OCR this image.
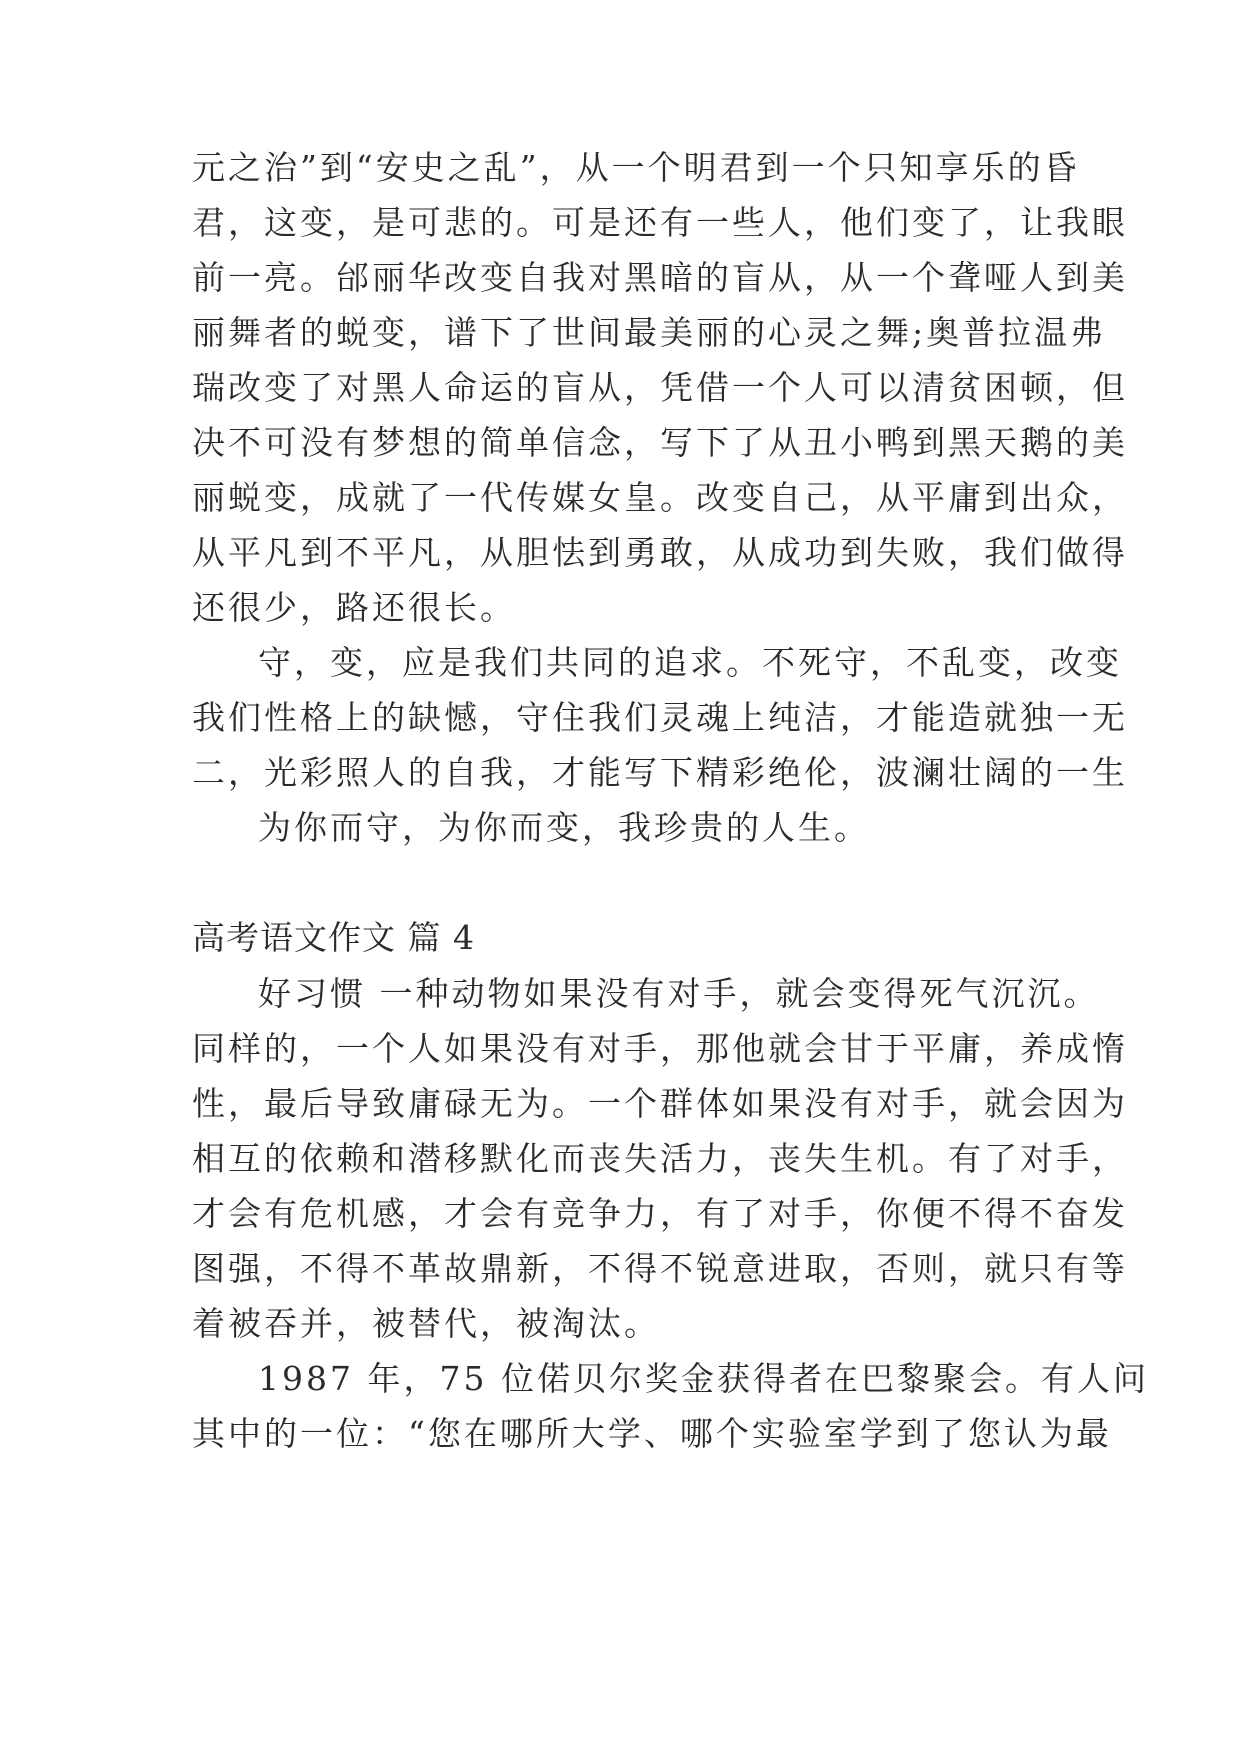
元之治”到“安史之乱”，从一个明君到一个只知享乐的昏
君，这变，是可悲的。可是还有一些人，他们变了，让我眼
前一亮。邰丽华改变自我对黑暗的盲从，从一个聋哑人到美
丽舞者的蜕变，谱下了世间最美丽的心灵之舞;奥普拉温弗
瑞改变了对黑人命运的盲从，凭借一个人可以清贫困顿，但
决不可没有梦想的简单信念，写下了从丑小鸭到黑天鹅的美
丽蜕变，成就了一代传媒女皇。改变自己，从平庸到出众，
从平凡到不平凡，从胆怯到勇敢，从成功到失败，我们做得
还很少，路还很长。
守，变，应是我们共同的追求。不死守，不乱变，改变
我们性格上的缺憾，守住我们灵魂上纯洁，才能造就独一无
二，光彩照人的自我，才能写下精彩绝伦，波澜壮阔的一生
为你而守，为你而变，我珍贵的人生。
高考语文作文 篇 4
好习惯 一种动物如果没有对手，就会变得死气沉沉。
同样的，一个人如果没有对手，那他就会甘于平庸，养成惰
性，最后导致庸碌无为。一个群体如果没有对手，就会因为
相互的依赖和潜移默化而丧失活力，丧失生机。有了对手，
才会有危机感，才会有竞争力，有了对手，你便不得不奋发
图强，不得不革故鼎新，不得不锐意进取，否则，就只有等
着被吞并，被替代，被淘汰。
1987 年，75 位偌贝尔奖金获得者在巴黎聚会。有人问
其中的一位：“您在哪所大学、哪个实验室学到了您认为最
